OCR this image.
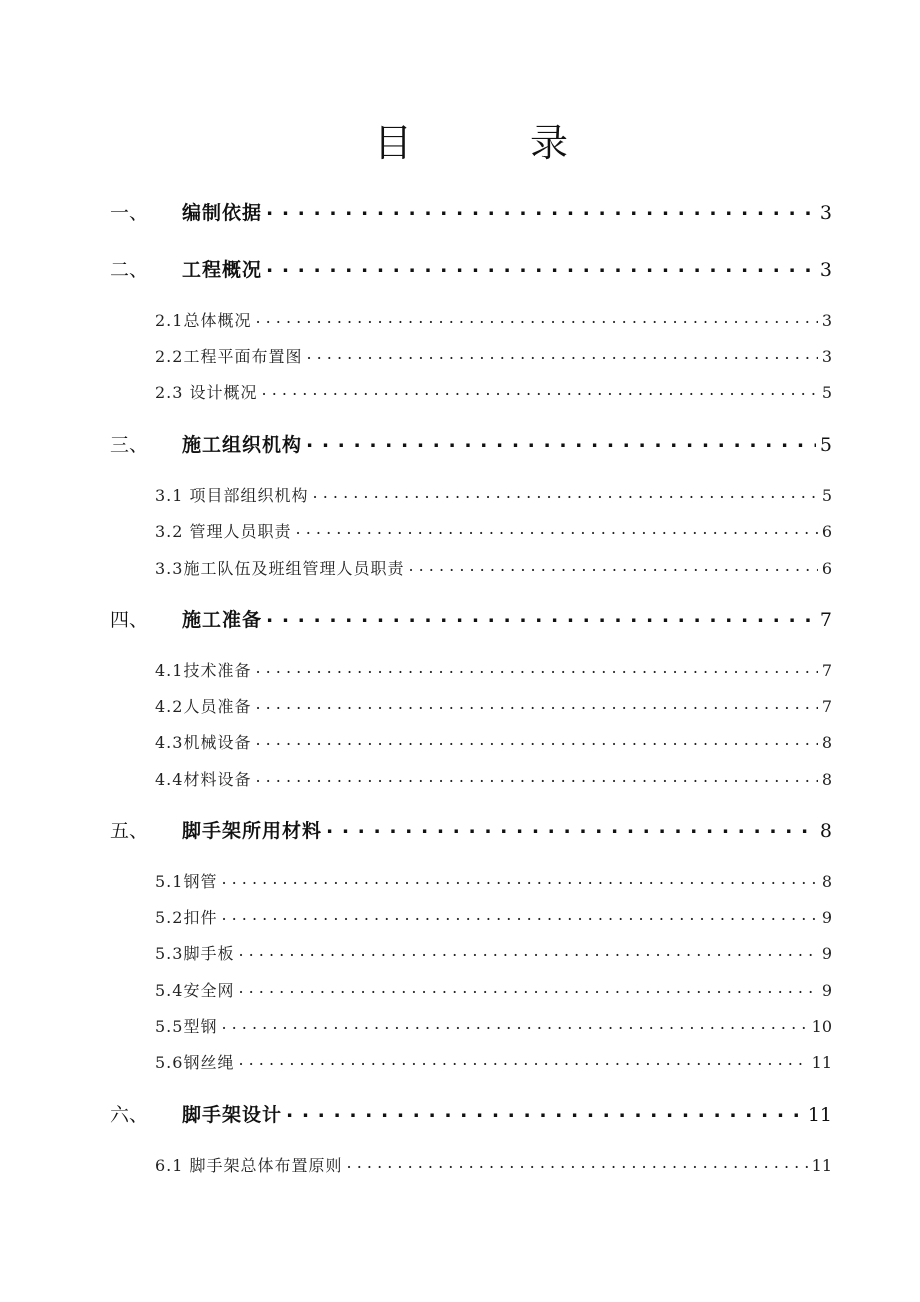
目	录
一、	编制依据 . . .	3
二、	工程概况 . . .	3
2.1总体概况 . . .	3
2.2工程平面布置图 . . .	3
2.3 设计概况 . . .	5
三、	施工组织机构 . . .	5
3.1 项目部组织机构 . . .	5
3.2 管理人员职责 . . .	6
3.3施工队伍及班组管理人员职责 . . .	6
四、	施工准备 . . .	7
4.1技术准备 . . .	7
4.2人员准备 . . .	7
4.3机械设备 . . .	8
4.4材料设备 . . .	8
五、	脚手架所用材料 . . .	8
5.1钢管 . . .	8
5.2扣件 . . .	9
5.3脚手板 . . .	9
5.4安全网 . . .	9
5.5型钢 . . .	10
5.6钢丝绳 . . .	11
六、	脚手架设计 . . .	11
6.1 脚手架总体布置原则 . . .	11
